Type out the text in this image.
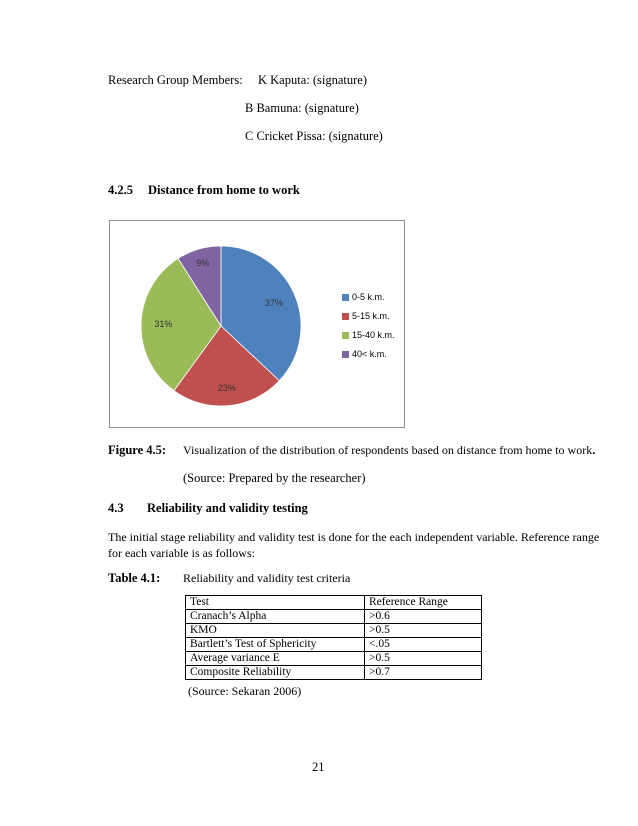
Research Group Members: K Kaputa: (signature)
B Bamuna: (signature)
C Cricket Pissa: (signature)
4.2.5 Distance from home to work
37%
23%
31%
9%
0-5 k.m.
5-15 k.m.
15-40 k.m.
40< k.m.
Figure 4.5: Visualization of the distribution of respondents based on distance from home to work.
(Source: Prepared by the researcher)
4.3 Reliability and validity testing
The initial stage reliability and validity test is done for the each independent variable. Reference range
for each variable is as follows:
Table 4.1: Reliability and validity test criteria
Test	Reference Range
Cranach’s Alpha	>0.6
KMO	>0.5
Bartlett’s Test of Sphericity	<.05
Average variance E	>0.5
Composite Reliability	>0.7
(Source: Sekaran 2006)
21
